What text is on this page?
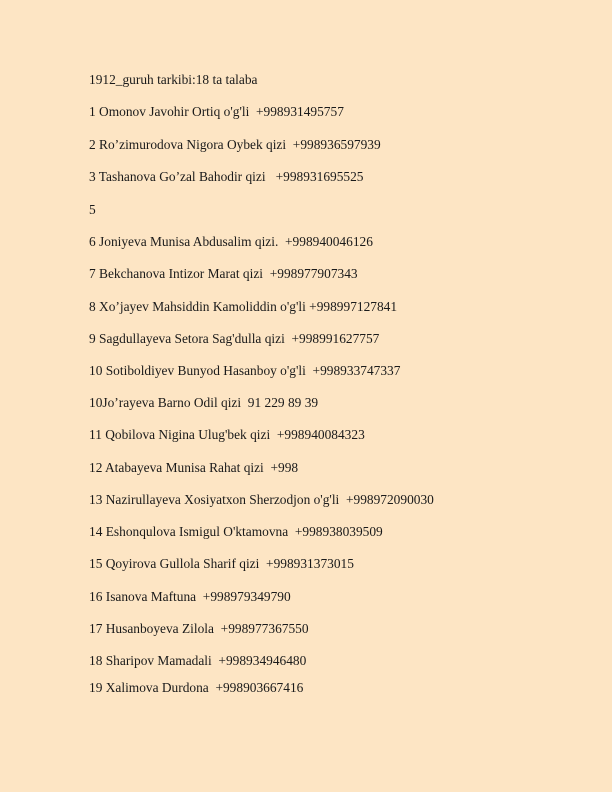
1912_guruh tarkibi:18 ta talaba
1 Omonov Javohir Ortiq o'g'li  +998931495757
2 Ro’zimurodova Nigora Oybek qizi  +998936597939
3 Tashanova Go’zal Bahodir qizi   +998931695525
5
6 Joniyeva Munisa Abdusalim qizi.  +998940046126
7 Bekchanova Intizor Marat qizi  +998977907343
8 Xo’jayev Mahsiddin Kamoliddin o'g'li +998997127841
9 Sagdullayeva Setora Sag'dulla qizi  +998991627757
10 Sotiboldiyev Bunyod Hasanboy o'g'li  +998933747337
10Jo’rayeva Barno Odil qizi  91 229 89 39
11 Qobilova Nigina Ulug'bek qizi  +998940084323
12 Atabayeva Munisa Rahat qizi  +998
13 Nazirullayeva Xosiyatxon Sherzodjon o'g'li  +998972090030
14 Eshonqulova Ismigul O'ktamovna  +998938039509
15 Qoyirova Gullola Sharif qizi  +998931373015
16 Isanova Maftuna  +998979349790
17 Husanboyeva Zilola  +998977367550
18 Sharipov Mamadali  +998934946480
19 Xalimova Durdona  +998903667416
